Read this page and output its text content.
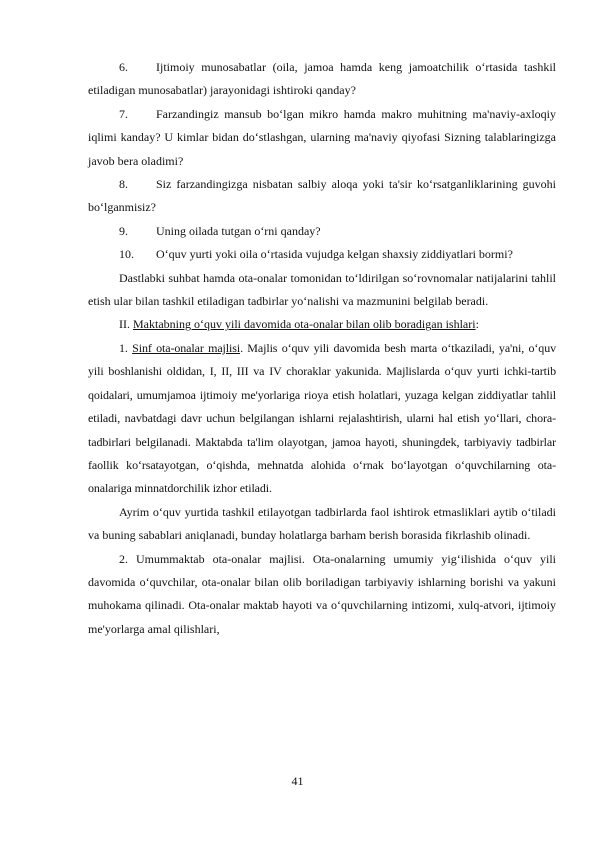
6. Ijtimoiy munosabatlar (oila, jamoa hamda keng jamoatchilik o‘rtasida tashkil etiladigan munosabatlar) jarayonidagi ishtiroki qanday?

7. Farzandingiz mansub bo‘lgan mikro hamda makro muhitning ma'naviy-axloqiy iqlimi kanday? U kimlar bidan do‘stlashgan, ularning ma'naviy qiyofasi Sizning talablaringizga javob bera oladimi?

8. Siz farzandingizga nisbatan salbiy aloqa yoki ta'sir ko‘rsatganliklarining guvohi bo‘lganmisiz?

9. Uning oilada tutgan o‘rni qanday?

10. O‘quv yurti yoki oila o‘rtasida vujudga kelgan shaxsiy ziddiyatlari bormi?

Dastlabki suhbat hamda ota-onalar tomonidan to‘ldirilgan so‘rovnomalar natijalarini tahlil etish ular bilan tashkil etiladigan tadbirlar yo‘nalishi va mazmunini belgilab beradi.

II. Maktabning o‘quv yili davomida ota-onalar bilan olib boradigan ishlari:

1. Sinf ota-onalar majlisi. Majlis o‘quv yili davomida besh marta o‘tkaziladi, ya'ni, o‘quv yili boshlanishi oldidan, I, II, III va IV choraklar yakunida. Majlislarda o‘quv yurti ichki-tartib qoidalari, umumjamoa ijtimoiy me'yorlariga rioya etish holatlari, yuzaga kelgan ziddiyatlar tahlil etiladi, navbatdagi davr uchun belgilangan ishlarni rejalashtirish, ularni hal etish yo‘llari, chora-tadbirlari belgilanadi. Maktabda ta'lim olayotgan, jamoa hayoti, shuningdek, tarbiyaviy tadbirlar faollik ko‘rsatayotgan, o‘qishda, mehnatda alohida o‘rnak bo‘layotgan o‘quvchilarning ota-onalariga minnatdorchilik izhor etiladi.

Ayrim o‘quv yurtida tashkil etilayotgan tadbirlarda faol ishtirok etmasliklari aytib o‘tiladi va buning sabablari aniqlanadi, bunday holatlarga barham berish borasida fikrlashib olinadi.

2. Umummaktab ota-onalar majlisi. Ota-onalarning umumiy yig‘ilishida o‘quv yili davomida o‘quvchilar, ota-onalar bilan olib boriladigan tarbiyaviy ishlarning borishi va yakuni muhokama qilinadi. Ota-onalar maktab hayoti va o‘quvchilarning intizomi, xulq-atvori, ijtimoiy me'yorlarga amal qilishlari,

41
